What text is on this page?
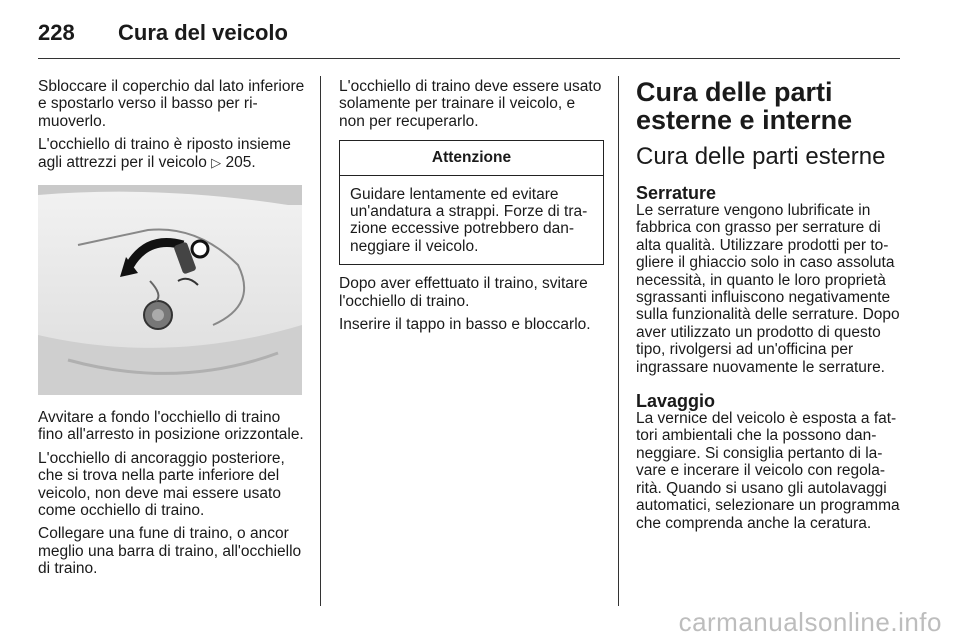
228 Cura del veicolo

Sbloccare il coperchio dal lato inferiore e spostarlo verso il basso per rimuoverlo.

L'occhiello di traino è riposto insieme agli attrezzi per il veicolo ▷ 205.

Avvitare a fondo l'occhiello di traino fino all'arresto in posizione orizzontale.

L'occhiello di ancoraggio posteriore, che si trova nella parte inferiore del veicolo, non deve mai essere usato come occhiello di traino.

Collegare una fune di traino, o ancor meglio una barra di traino, all'occhiello di traino.

L'occhiello di traino deve essere usato solamente per trainare il veicolo, e non per recuperarlo.

Attenzione
Guidare lentamente ed evitare un'andatura a strappi. Forze di trazione eccessive potrebbero danneggiare il veicolo.

Dopo aver effettuato il traino, svitare l'occhiello di traino.

Inserire il tappo in basso e bloccarlo.

Cura delle parti esterne e interne
Cura delle parti esterne
Serrature

Le serrature vengono lubrificate in fabbrica con grasso per serrature di alta qualità. Utilizzare prodotti per togliere il ghiaccio solo in caso assoluta necessità, in quanto le loro proprietà sgrassanti influiscono negativamente sulla funzionalità delle serrature. Dopo aver utilizzato un prodotto di questo tipo, rivolgersi ad un'officina per ingrassare nuovamente le serrature.

Lavaggio

La vernice del veicolo è esposta a fattori ambientali che la possono danneggiare. Si consiglia pertanto di lavare e incerare il veicolo con regolarità. Quando si usano gli autolavaggi automatici, selezionare un programma che comprenda anche la ceratura.

carmanualsonline.info
